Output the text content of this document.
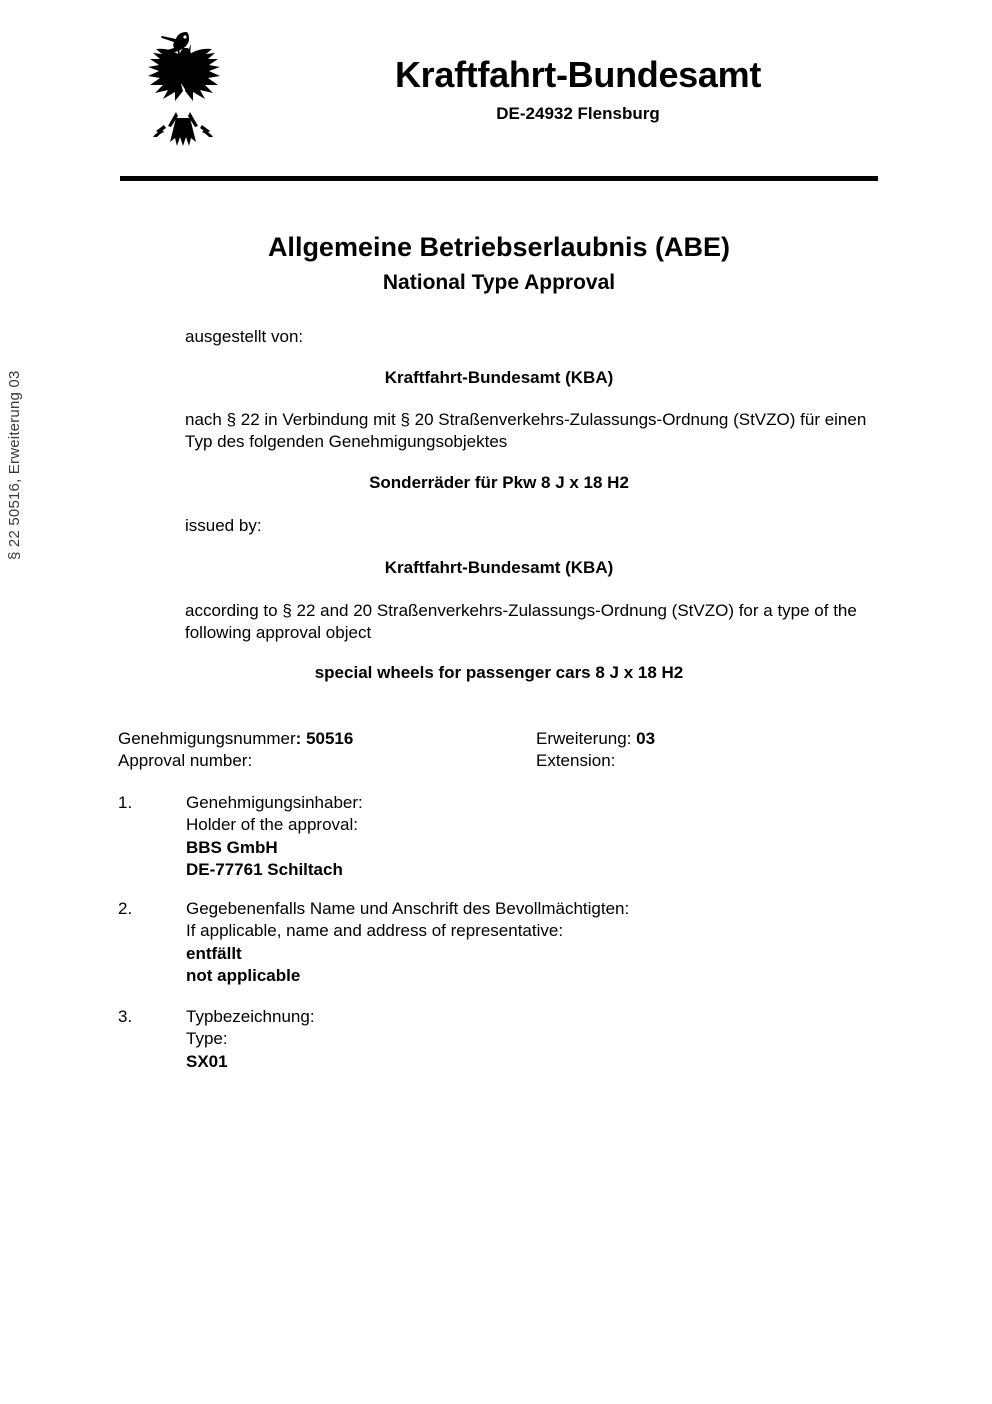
§ 22 50516, Erweiterung 03
Kraftfahrt-Bundesamt
DE-24932 Flensburg
Allgemeine Betriebserlaubnis (ABE)
National Type Approval
ausgestellt von:
Kraftfahrt-Bundesamt (KBA)
nach § 22 in Verbindung mit § 20 Straßenverkehrs-Zulassungs-Ordnung (StVZO) für einen Typ des folgenden Genehmigungsobjektes
Sonderräder für Pkw 8 J x 18 H2
issued by:
Kraftfahrt-Bundesamt (KBA)
according to § 22 and 20 Straßenverkehrs-Zulassungs-Ordnung (StVZO) for a type of the following approval object
special wheels for passenger cars 8 J x 18 H2
Genehmigungsnummer: 50516
Approval number:
Erweiterung: 03
Extension:
1.	Genehmigungsinhaber:
Holder of the approval:
BBS GmbH
DE-77761 Schiltach
2.	Gegebenenfalls Name und Anschrift des Bevollmächtigten:
If applicable, name and address of representative:
entfällt
not applicable
3.	Typbezeichnung:
Type:
SX01
